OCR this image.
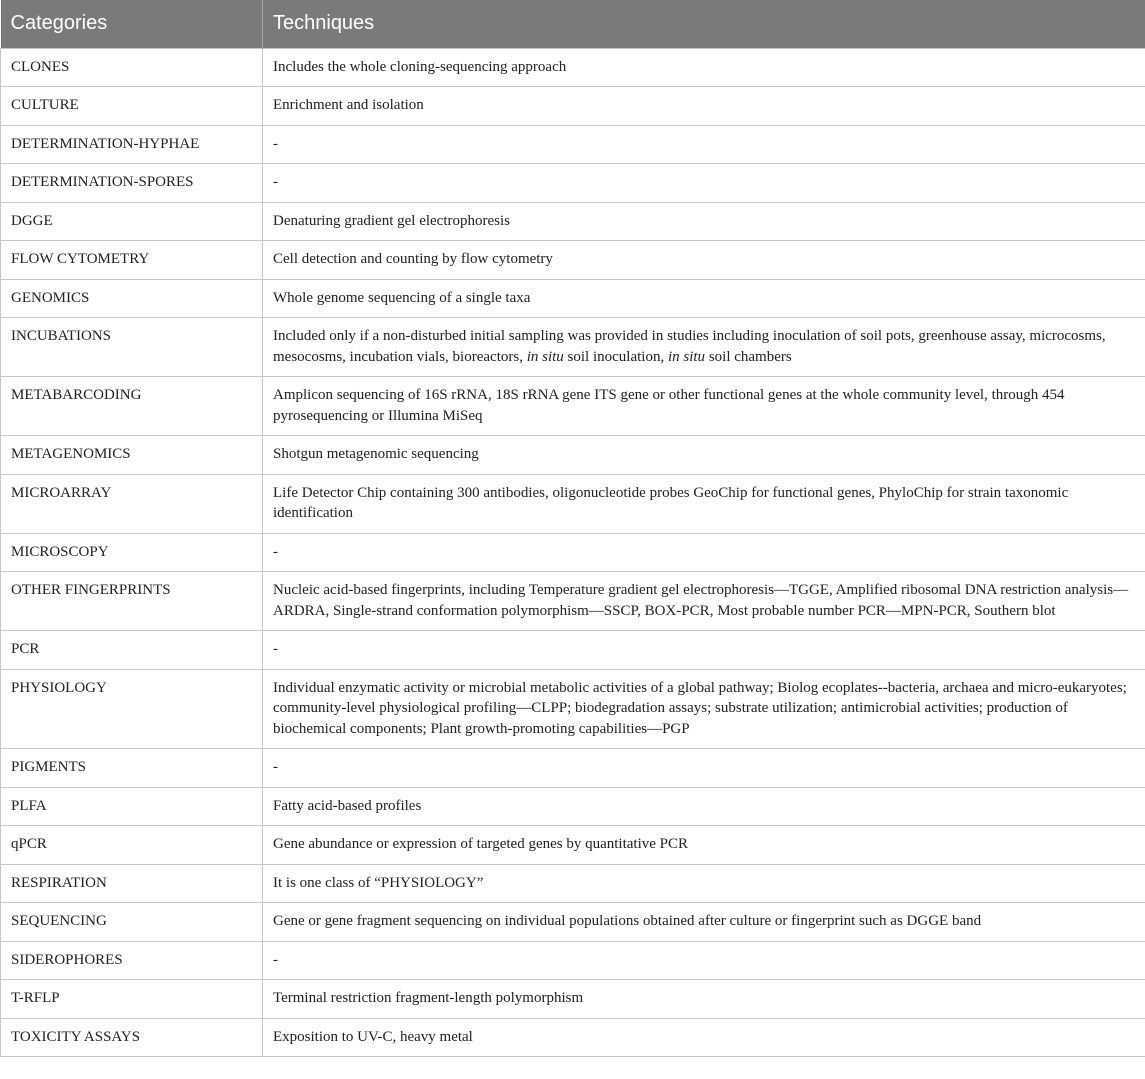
Categories	Techniques
CLONES	Includes the whole cloning-sequencing approach
CULTURE	Enrichment and isolation
DETERMINATION-HYPHAE	-
DETERMINATION-SPORES	-
DGGE	Denaturing gradient gel electrophoresis
FLOW CYTOMETRY	Cell detection and counting by flow cytometry
GENOMICS	Whole genome sequencing of a single taxa
INCUBATIONS	Included only if a non-disturbed initial sampling was provided in studies including inoculation of soil pots, greenhouse assay, microcosms, mesocosms, incubation vials, bioreactors, in situ soil inoculation, in situ soil chambers
METABARCODING	Amplicon sequencing of 16S rRNA, 18S rRNA gene ITS gene or other functional genes at the whole community level, through 454 pyrosequencing or Illumina MiSeq
METAGENOMICS	Shotgun metagenomic sequencing
MICROARRAY	Life Detector Chip containing 300 antibodies, oligonucleotide probes GeoChip for functional genes, PhyloChip for strain taxonomic identification
MICROSCOPY	-
OTHER FINGERPRINTS	Nucleic acid-based fingerprints, including Temperature gradient gel electrophoresis—TGGE, Amplified ribosomal DNA restriction analysis—ARDRA, Single-strand conformation polymorphism—SSCP, BOX-PCR, Most probable number PCR—MPN-PCR, Southern blot
PCR	-
PHYSIOLOGY	Individual enzymatic activity or microbial metabolic activities of a global pathway; Biolog ecoplates--bacteria, archaea and micro-eukaryotes; community-level physiological profiling—CLPP; biodegradation assays; substrate utilization; antimicrobial activities; production of biochemical components; Plant growth-promoting capabilities—PGP
PIGMENTS	-
PLFA	Fatty acid-based profiles
qPCR	Gene abundance or expression of targeted genes by quantitative PCR
RESPIRATION	It is one class of “PHYSIOLOGY”
SEQUENCING	Gene or gene fragment sequencing on individual populations obtained after culture or fingerprint such as DGGE band
SIDEROPHORES	-
T-RFLP	Terminal restriction fragment-length polymorphism
TOXICITY ASSAYS	Exposition to UV-C, heavy metal
